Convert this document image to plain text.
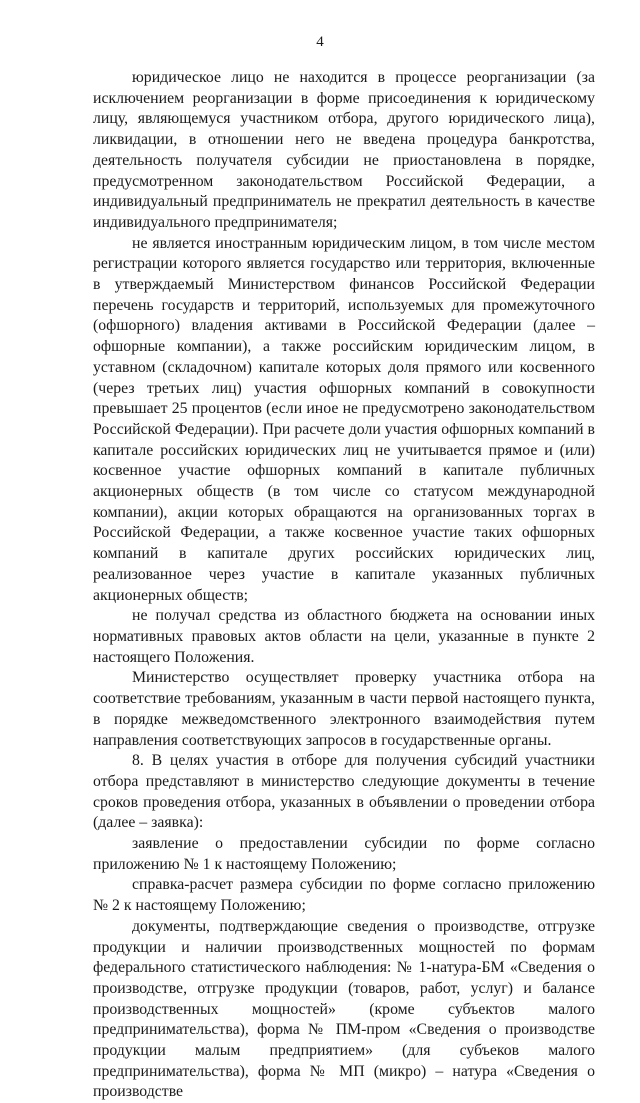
4

юридическое лицо не находится в процессе реорганизации (за исключением реорганизации в форме присоединения к юридическому лицу, являющемуся участником отбора, другого юридического лица), ликвидации, в отношении него не введена процедура банкротства, деятельность получателя субсидии не приостановлена в порядке, предусмотренном законодательством Российской Федерации, а индивидуальный предприниматель не прекратил деятельность в качестве индивидуального предпринимателя;

не является иностранным юридическим лицом, в том числе местом регистрации которого является государство или территория, включенные в утверждаемый Министерством финансов Российской Федерации перечень государств и территорий, используемых для промежуточного (офшорного) владения активами в Российской Федерации (далее – офшорные компании), а также российским юридическим лицом, в уставном (складочном) капитале которых доля прямого или косвенного (через третьих лиц) участия офшорных компаний в совокупности превышает 25 процентов (если иное не предусмотрено законодательством Российской Федерации). При расчете доли участия офшорных компаний в капитале российских юридических лиц не учитывается прямое и (или) косвенное участие офшорных компаний в капитале публичных акционерных обществ (в том числе со статусом международной компании), акции которых обращаются на организованных торгах в Российской Федерации, а также косвенное участие таких офшорных компаний в капитале других российских юридических лиц, реализованное через участие в капитале указанных публичных акционерных обществ;

не получал средства из областного бюджета на основании иных нормативных правовых актов области на цели, указанные в пункте 2 настоящего Положения.

Министерство осуществляет проверку участника отбора на соответствие требованиям, указанным в части первой настоящего пункта, в порядке межведомственного электронного взаимодействия путем направления соответствующих запросов в государственные органы.

8. В целях участия в отборе для получения субсидий участники отбора представляют в министерство следующие документы в течение сроков проведения отбора, указанных в объявлении о проведении отбора (далее – заявка):

заявление о предоставлении субсидии по форме согласно приложению № 1 к настоящему Положению;

справка-расчет размера субсидии по форме согласно приложению № 2 к настоящему Положению;

документы, подтверждающие сведения о производстве, отгрузке продукции и наличии производственных мощностей по формам федерального статистического наблюдения: № 1-натура-БМ «Сведения о производстве, отгрузке продукции (товаров, работ, услуг) и балансе производственных мощностей» (кроме субъектов малого предпринимательства), форма № ПМ-пром «Сведения о производстве продукции малым предприятием» (для субъеков малого предпринимательства), форма № МП (микро) – натура «Сведения о производстве
